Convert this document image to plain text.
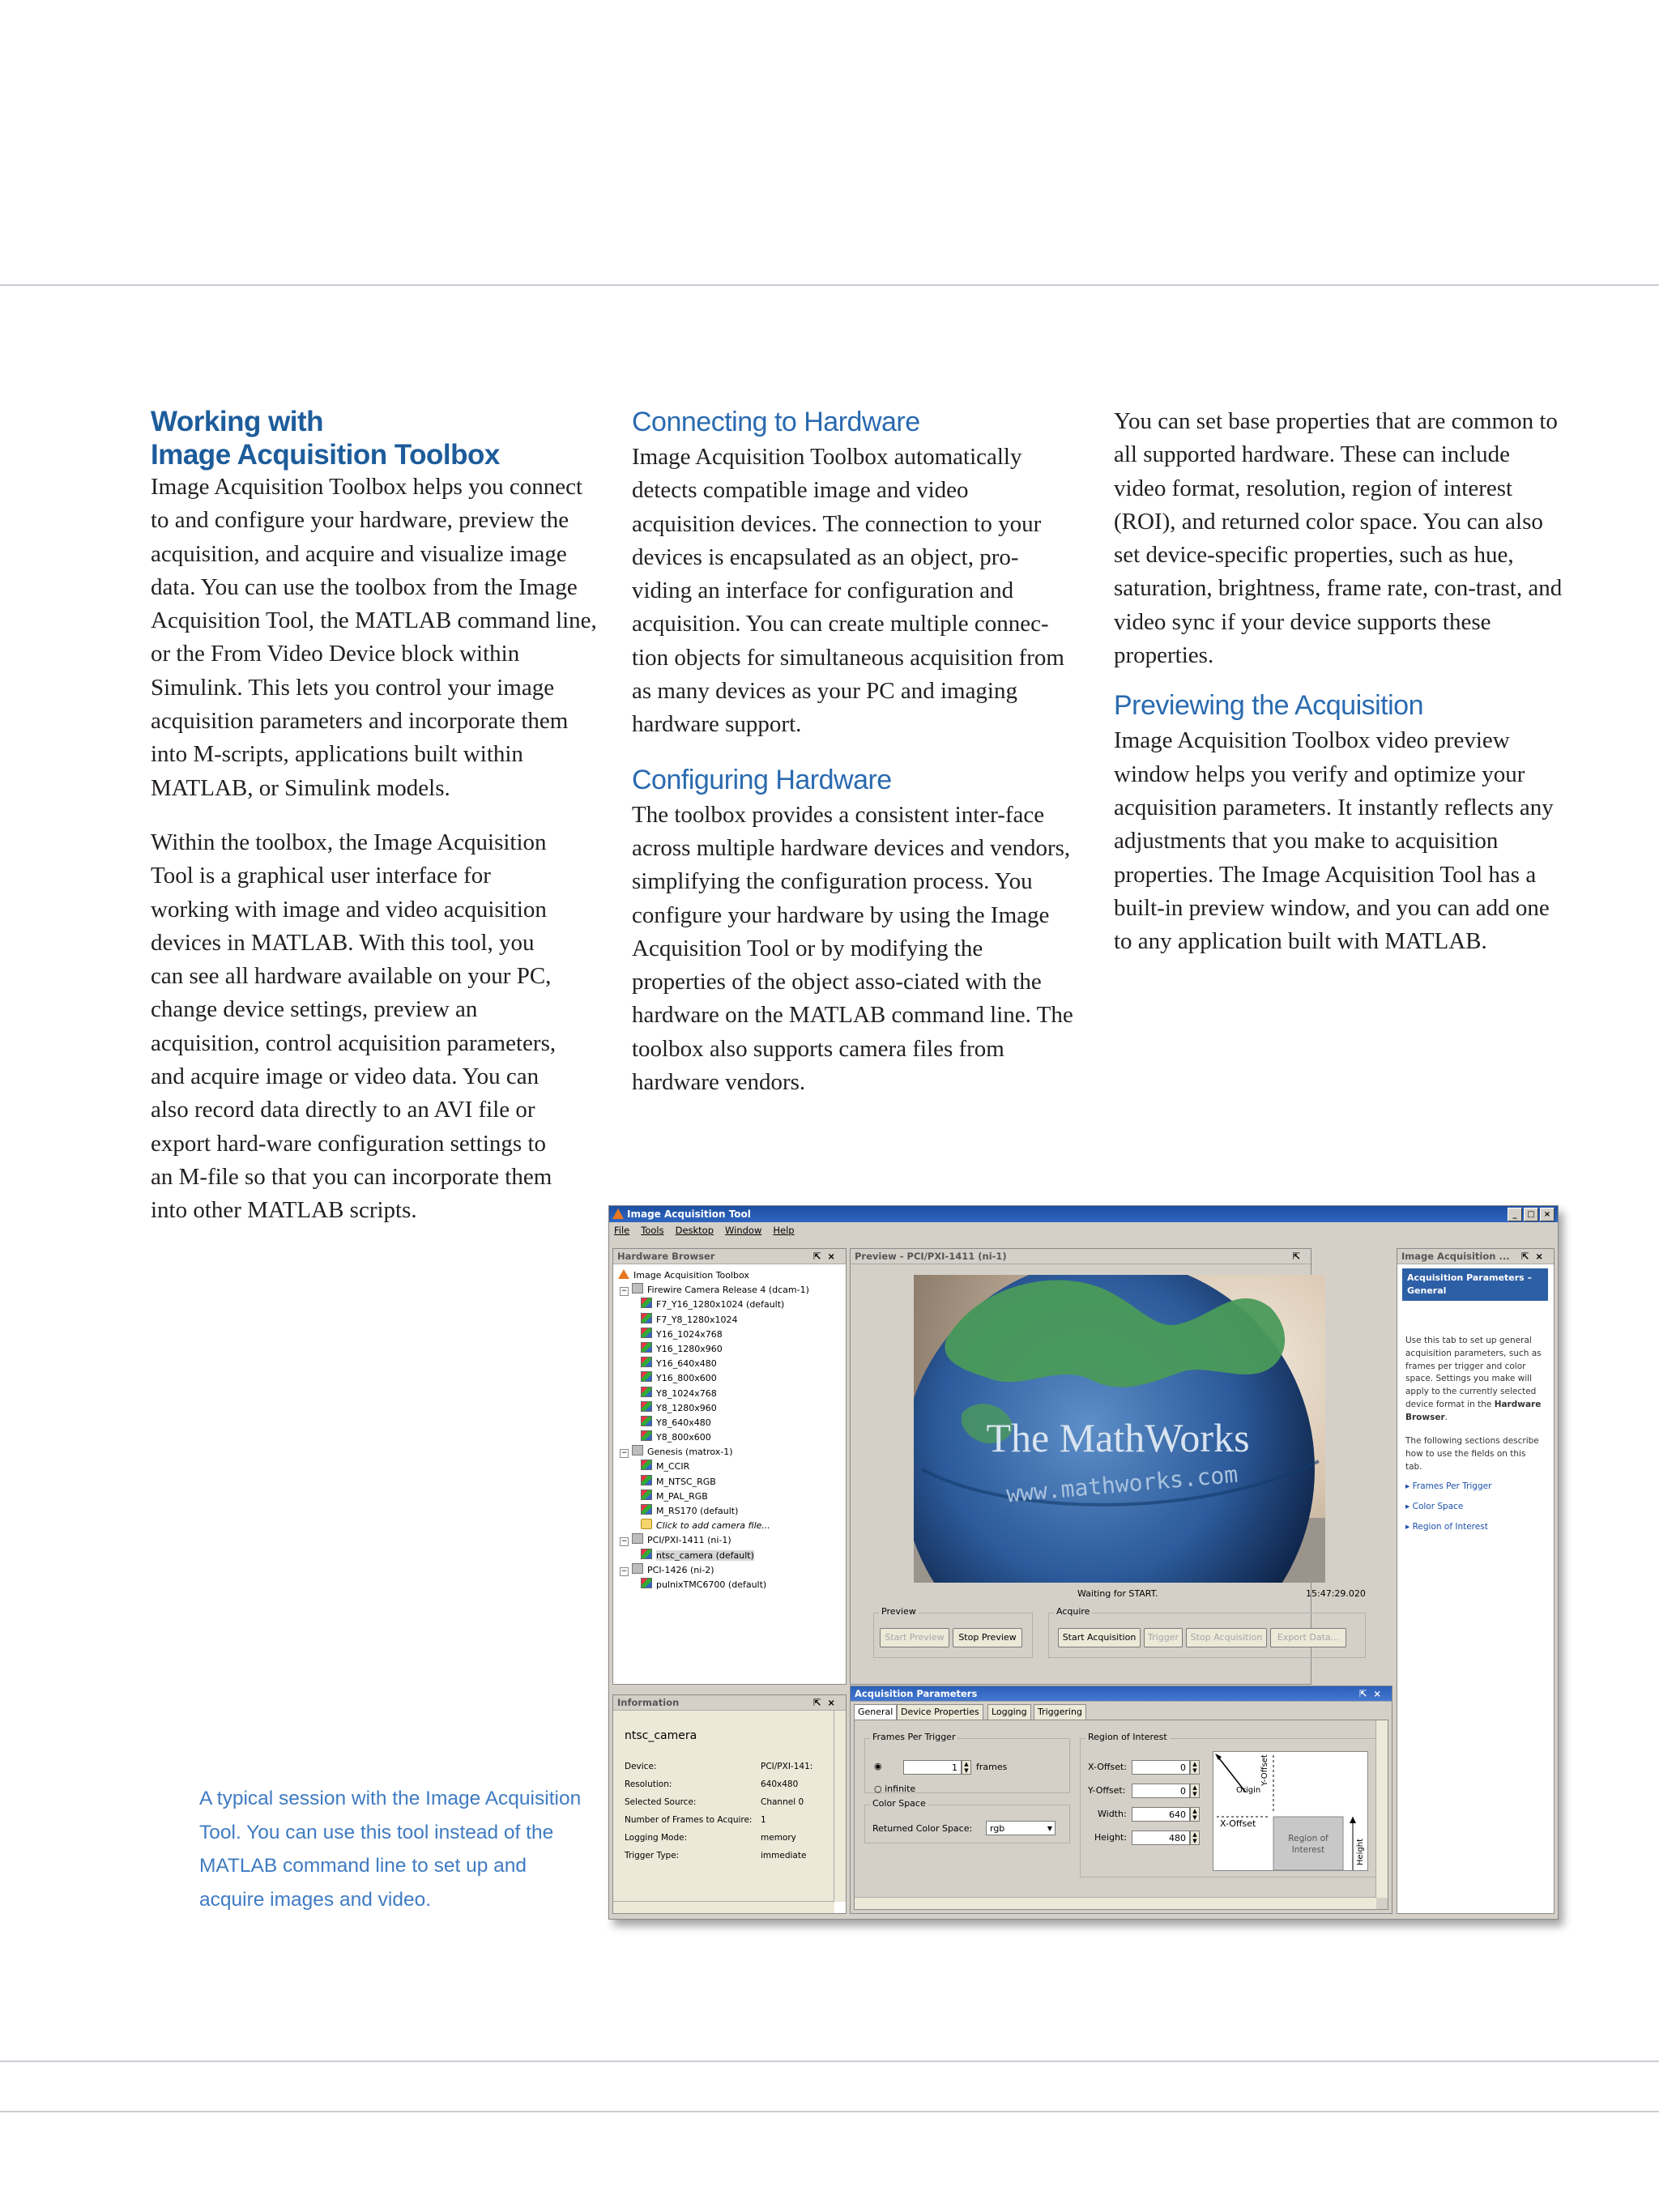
Working with
Image Acquisition Toolbox

Image Acquisition Toolbox helps you connect to and configure your hardware, preview the acquisition, and acquire and visualize image data. You can use the toolbox from the Image Acquisition Tool, the MATLAB command line, or the From Video Device block within Simulink. This lets you control your image acquisition parameters and incorporate them into M-scripts, applications built within MATLAB, or Simulink models.

Within the toolbox, the Image Acquisition Tool is a graphical user interface for working with image and video acquisition devices in MATLAB. With this tool, you can see all hardware available on your PC, change device settings, preview an acquisition, control acquisition parameters, and acquire image or video data. You can also record data directly to an AVI file or export hard-ware configuration settings to an M-file so that you can incorporate them into other MATLAB scripts.

Connecting to Hardware

Image Acquisition Toolbox automatically detects compatible image and video acquisition devices. The connection to your devices is encapsulated as an object, pro-viding an interface for configuration and acquisition. You can create multiple connec-tion objects for simultaneous acquisition from as many devices as your PC and imaging hardware support.

Configuring Hardware

The toolbox provides a consistent inter-face across multiple hardware devices and vendors, simplifying the configuration process. You configure your hardware by using the Image Acquisition Tool or by modifying the properties of the object asso-ciated with the hardware on the MATLAB command line. The toolbox also supports camera files from hardware vendors.

You can set base properties that are common to all supported hardware. These can include video format, resolution, region of interest (ROI), and returned color space. You can also set device-specific properties, such as hue, saturation, brightness, frame rate, con-trast, and video sync if your device supports these properties.

Previewing the Acquisition

Image Acquisition Toolbox video preview window helps you verify and optimize your acquisition parameters. It instantly reflects any adjustments that you make to acquisition properties. The Image Acquisition Tool has a built-in preview window, and you can add one to any application built with MATLAB.

A typical session with the Image Acquisition Tool. You can use this tool instead of the MATLAB command line to set up and acquire images and video.
Image Acquisition Tool	_	□	×
File Tools Desktop Window Help
Hardware Browser	⇱×
Image Acquisition Toolbox
− Firewire Camera Release 4 (dcam-1)
F7_Y16_1280x1024 (default)
F7_Y8_1280x1024
Y16_1024x768
Y16_1280x960
Y16_640x480
Y16_800x600
Y8_1024x768
Y8_1280x960
Y8_640x480
Y8_800x600
− Genesis (matrox-1)
M_CCIR
M_NTSC_RGB
M_PAL_RGB
M_RS170 (default)
Click to add camera file...
− PCI/PXI-1411 (ni-1)
ntsc_camera (default)
− PCI-1426 (ni-2)
pulnixTMC6700 (default)
Information	⇱×
ntsc_camera
Device:	PCI/PXI-141:
Resolution:	640x480
Selected Source:	Channel 0
Number of Frames to Acquire: 1
Logging Mode:	memory
Trigger Type:	immediate
Preview - PCI/PXI-1411 (ni-1)	⇱
The MathWorks
www.mathworks.com
Waiting for START.	15:47:29.020
Preview
Start Preview	Stop Preview
Acquire
Start Acquisition	Trigger	Stop Acquisition	Export Data...
Image Acquisition ... ⇱×
Acquisition Parameters – General
Use this tab to set up general acquisition parameters, such as frames per trigger and color space. Settings you make will apply to the currently selected device format in the Hardware Browser.
The following sections describe how to use the fields on this tab.
▸ Frames Per Trigger
▸ Color Space
▸ Region of Interest
Acquisition Parameters	⇱×
General Device Properties	Logging	Triggering
Frames Per Trigger
◉	1	▲
▼ frames
○ infinite
Color Space
Returned Color Space:	rgb	▼
Region of Interest
X-Offset:	0	▲
▼
Y-Offset:	0	▲
▼
Width:	640	▲
▼
Height:	480	▲
▼
Origin
X-Offset
Y-Offset
Region of Interest	Height
